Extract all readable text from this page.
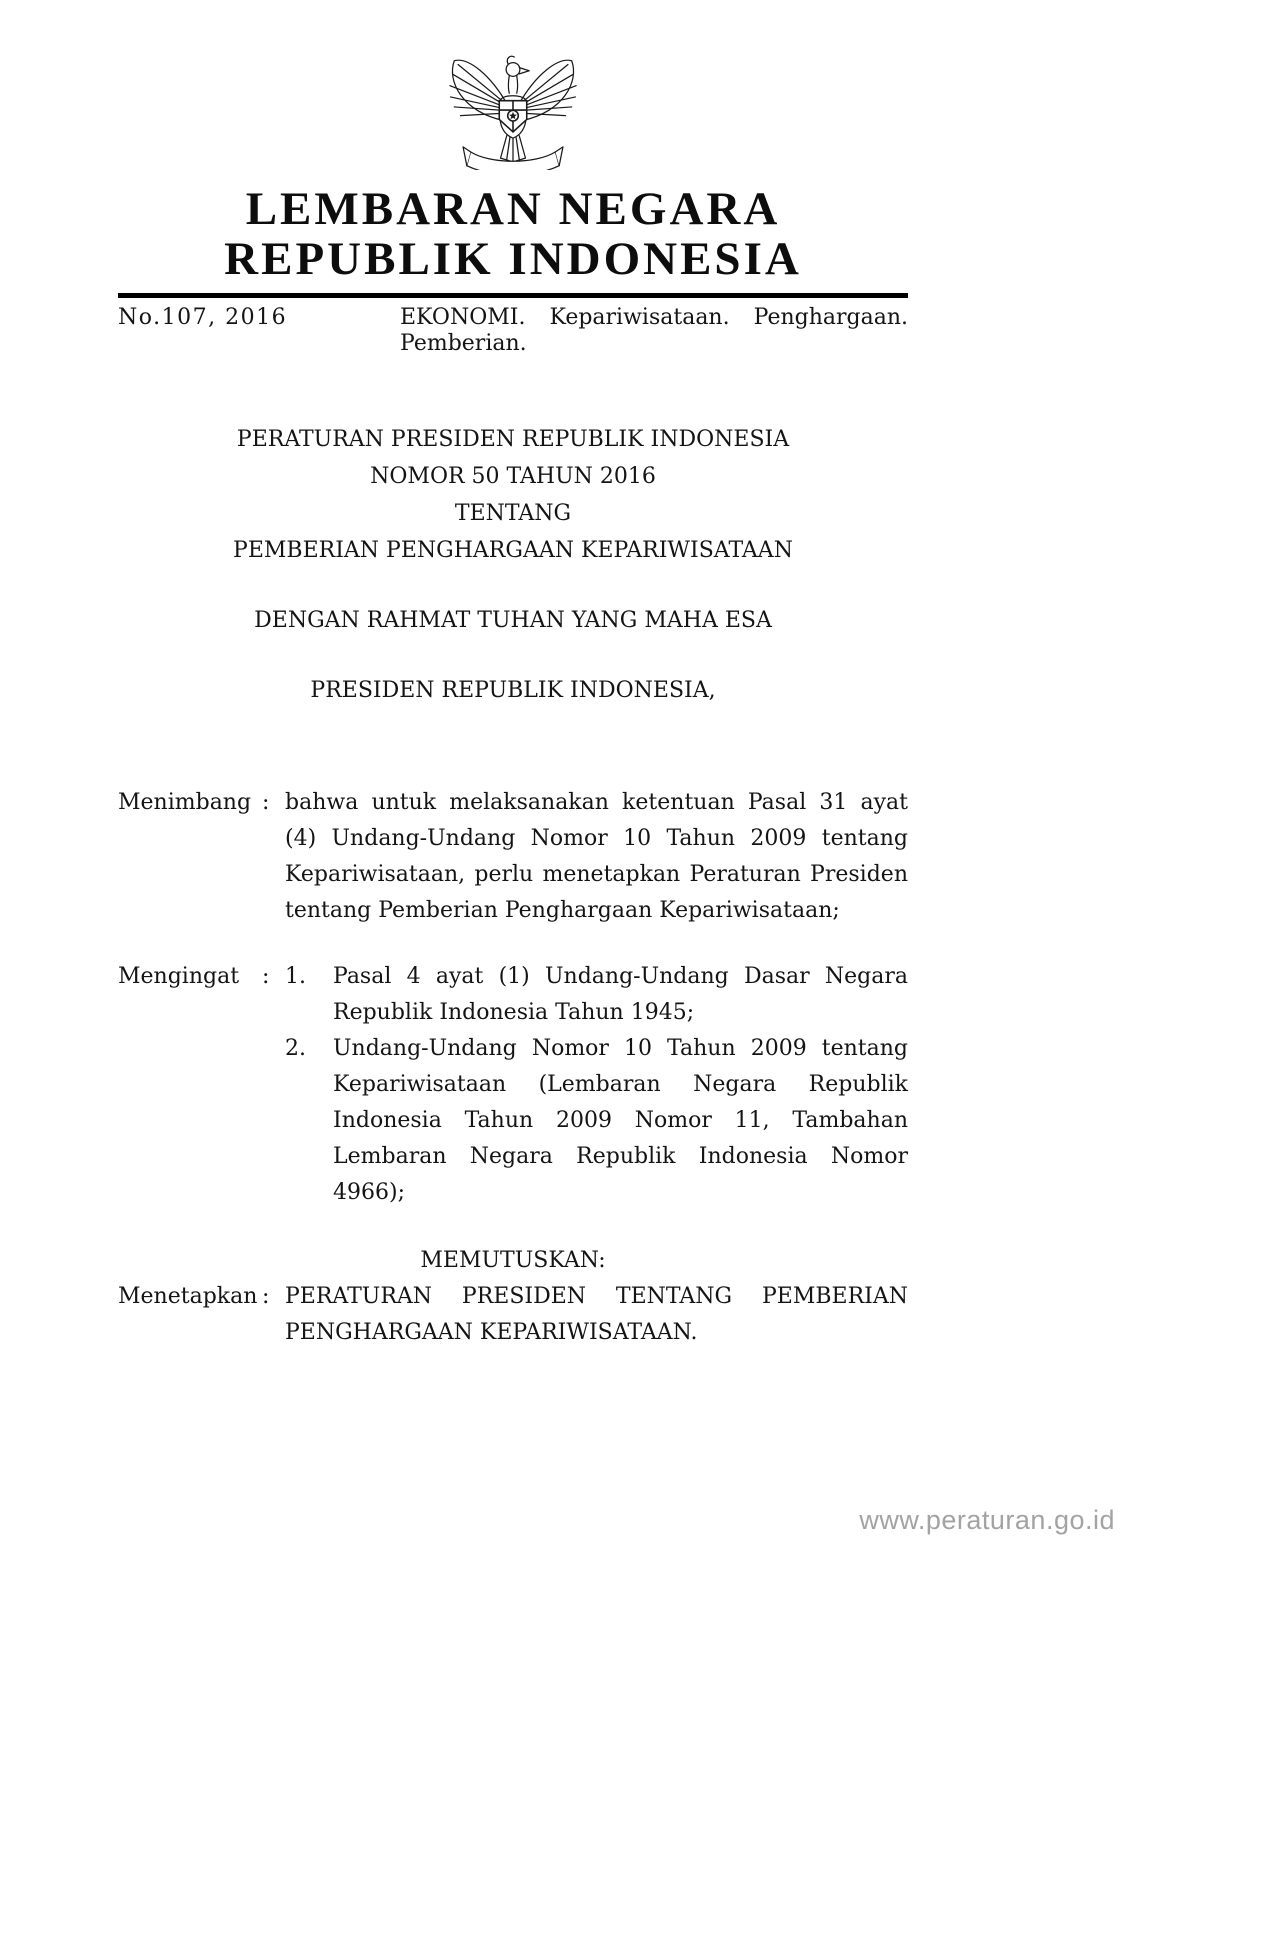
LEMBARAN NEGARA
REPUBLIK INDONESIA
No.107, 2016	EKONOMI. Kepariwisataan. Penghargaan. Pemberian.
PERATURAN PRESIDEN REPUBLIK INDONESIA
NOMOR 50 TAHUN 2016
TENTANG
PEMBERIAN PENGHARGAAN KEPARIWISATAAN
DENGAN RAHMAT TUHAN YANG MAHA ESA
PRESIDEN REPUBLIK INDONESIA,
Menimbang : bahwa untuk melaksanakan ketentuan Pasal 31 ayat (4) Undang-Undang Nomor 10 Tahun 2009 tentang Kepariwisataan, perlu menetapkan Peraturan Presiden tentang Pemberian Penghargaan Kepariwisataan;
Mengingat	: 1.	Pasal 4 ayat (1) Undang-Undang Dasar Negara Republik Indonesia Tahun 1945;
2.	Undang-Undang Nomor 10 Tahun 2009 tentang Kepariwisataan (Lembaran Negara Republik Indonesia Tahun 2009 Nomor 11, Tambahan Lembaran Negara Republik Indonesia Nomor 4966);
MEMUTUSKAN:
Menetapkan : PERATURAN PRESIDEN TENTANG PEMBERIAN PENGHARGAAN KEPARIWISATAAN.
www.peraturan.go.id
